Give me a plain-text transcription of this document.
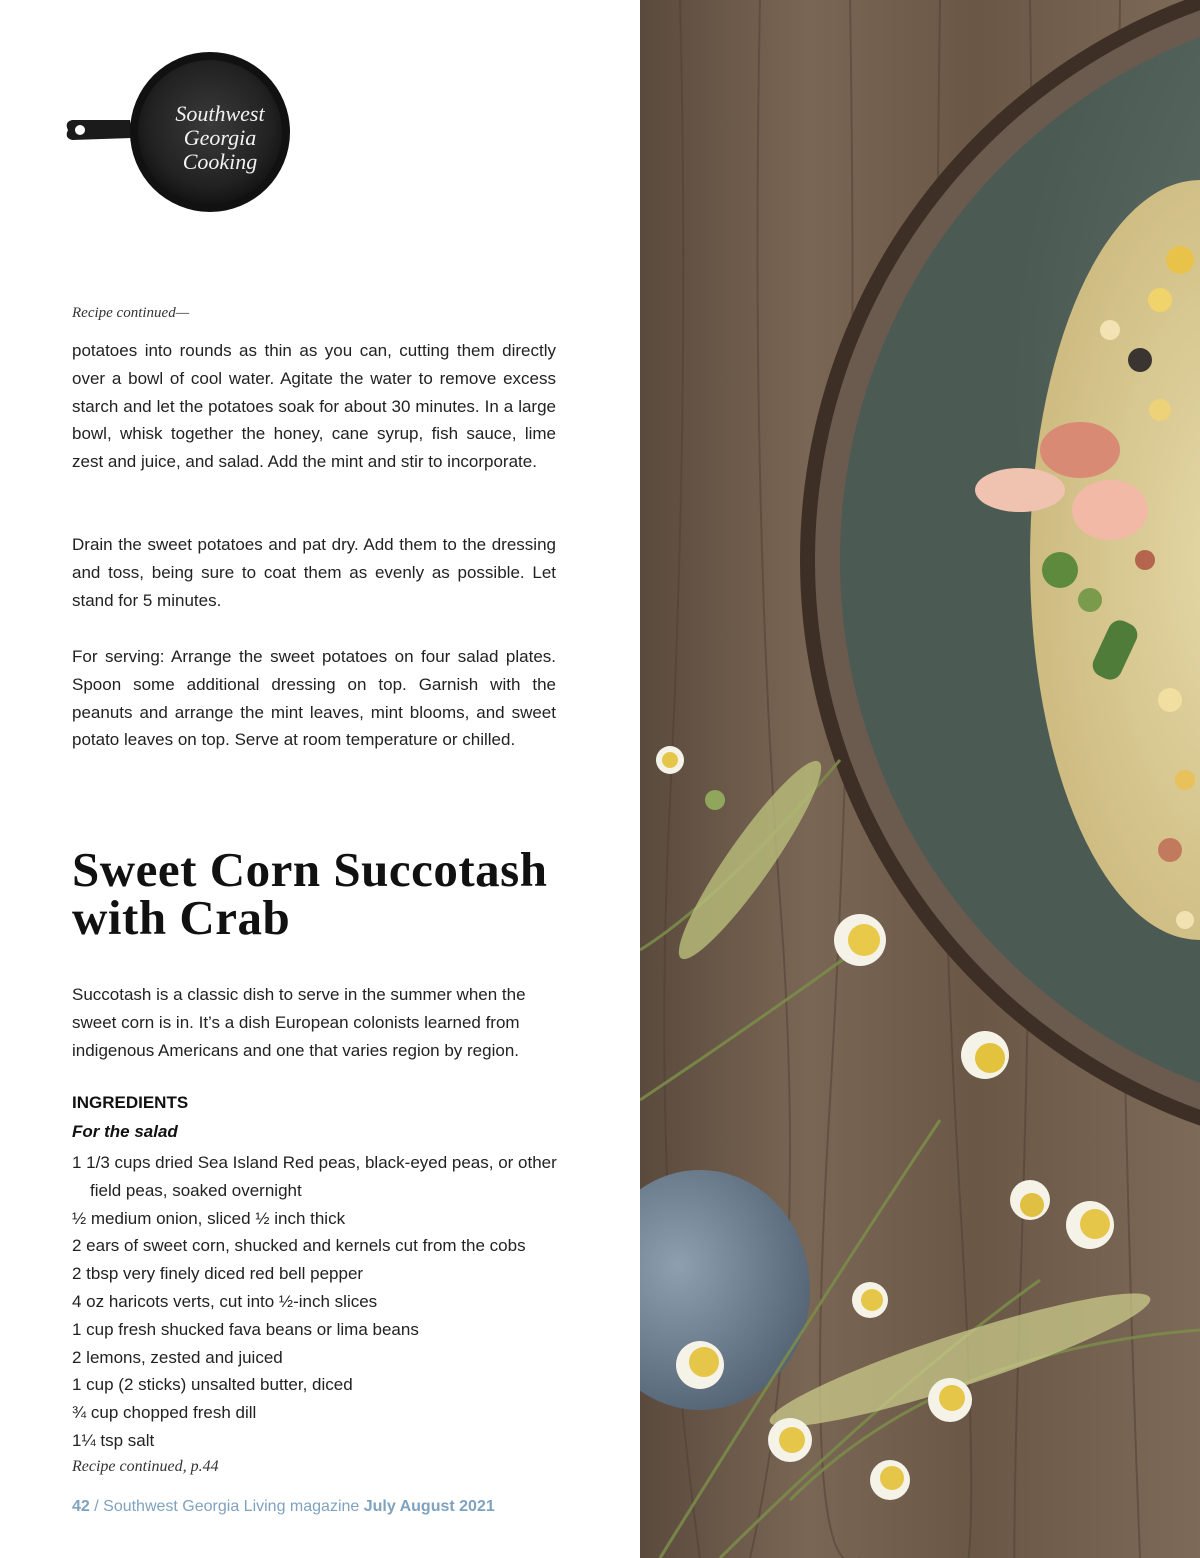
Southwest
Georgia
Cooking
Recipe continued—
potatoes into rounds as thin as you can, cutting them directly over a bowl of cool water. Agitate the water to remove excess starch and let the potatoes soak for about 30 minutes. In a large bowl, whisk together the honey, cane syrup, fish sauce, lime zest and juice, and salad. Add the mint and stir to incorporate.
Drain the sweet potatoes and pat dry. Add them to the dressing and toss, being sure to coat them as evenly as possible. Let stand for 5 minutes.
For serving: Arrange the sweet potatoes on four salad plates. Spoon some additional dressing on top. Garnish with the peanuts and arrange the mint leaves, mint blooms, and sweet potato leaves on top. Serve at room temperature or chilled.
Sweet Corn Succotash
with Crab
Succotash is a classic dish to serve in the summer when the sweet corn is in. It’s a dish European colonists learned from indigenous Americans and one that varies region by region.
INGREDIENTS
For the salad
1 1/3 cups dried Sea Island Red peas, black-eyed peas, or other field peas, soaked overnight
½ medium onion, sliced ½ inch thick
2 ears of sweet corn, shucked and kernels cut from the cobs
2 tbsp very finely diced red bell pepper
4 oz haricots verts, cut into ½-inch slices
1 cup fresh shucked fava beans or lima beans
2 lemons, zested and juiced
1 cup (2 sticks) unsalted butter, diced
¾ cup chopped fresh dill
1¼ tsp salt
Recipe continued, p.44
42 / Southwest Georgia Living magazine July August 2021
